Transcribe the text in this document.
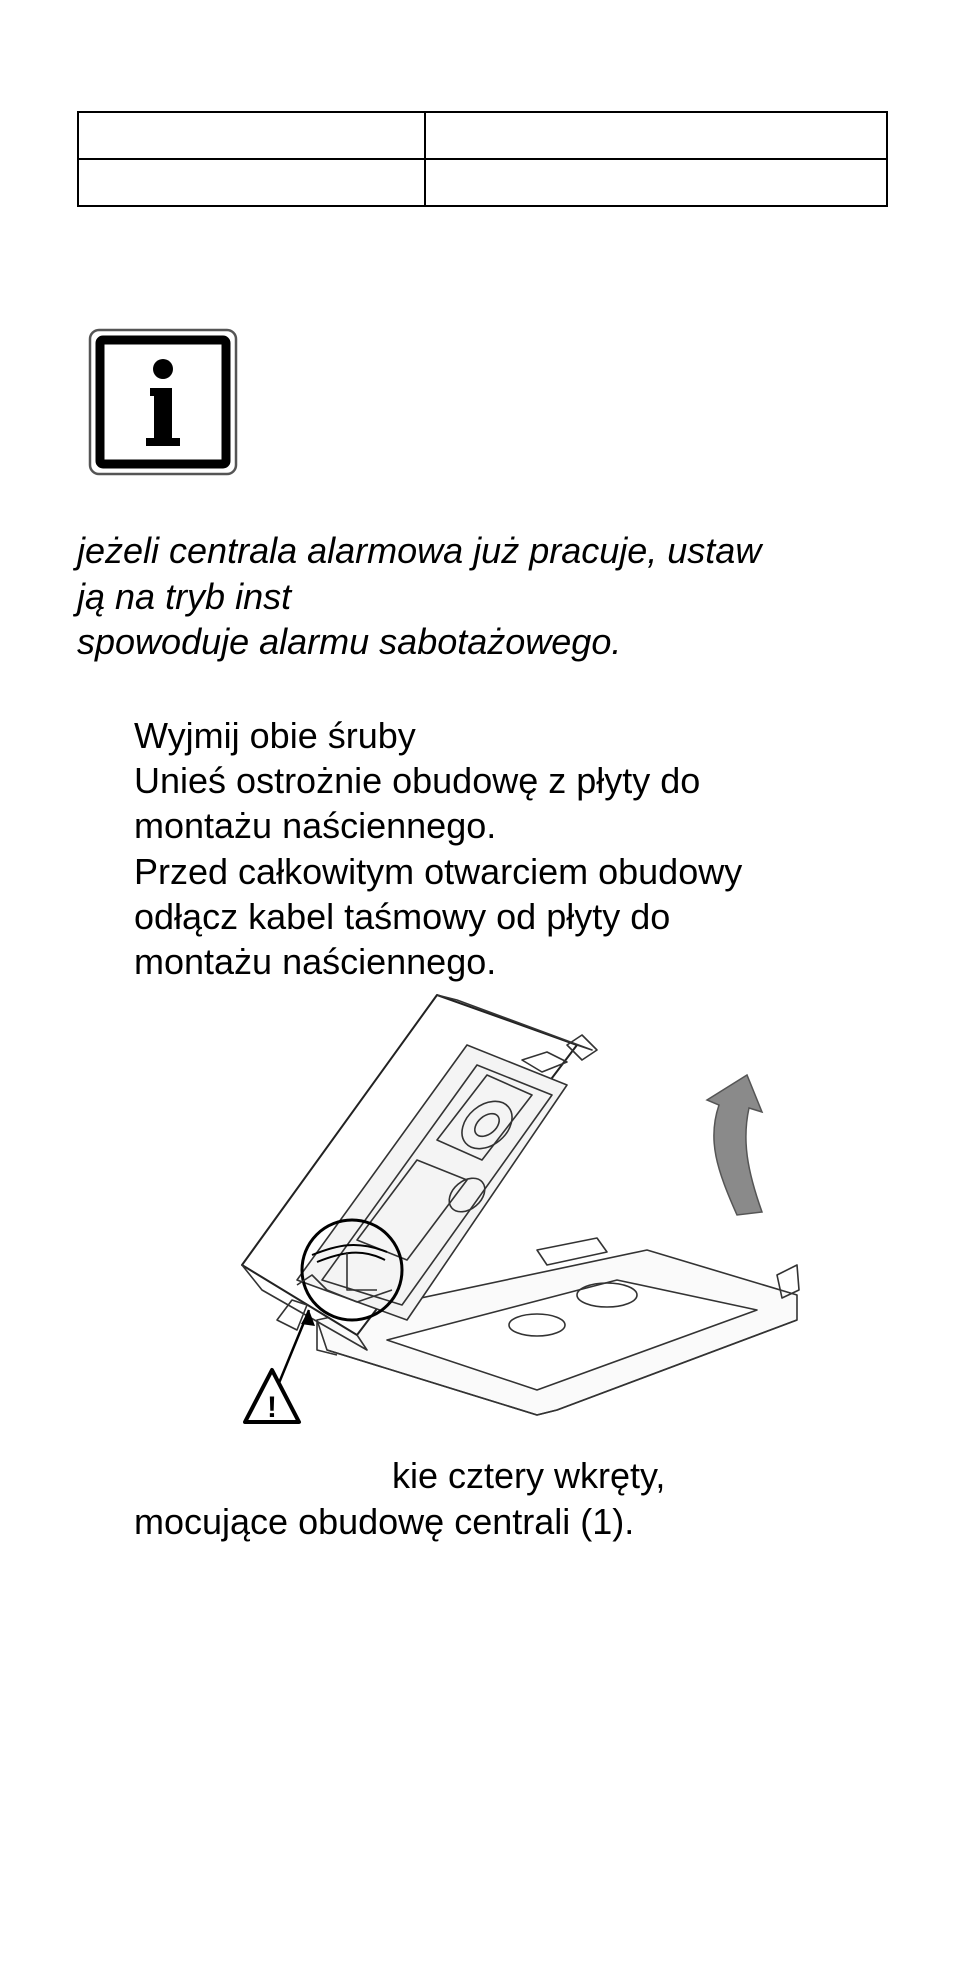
jeżeli centrala alarmowa już pracuje, ustaw
ją na tryb inst
spowoduje alarmu sabotażowego.
Wyjmij obie śruby
Unieś ostrożnie obudowę z płyty do
montażu naściennego.
Przed całkowitym otwarciem obudowy
odłącz kabel taśmowy od płyty do
montażu naściennego.
!
kie cztery wkręty,
mocujące obudowę centrali (1).
